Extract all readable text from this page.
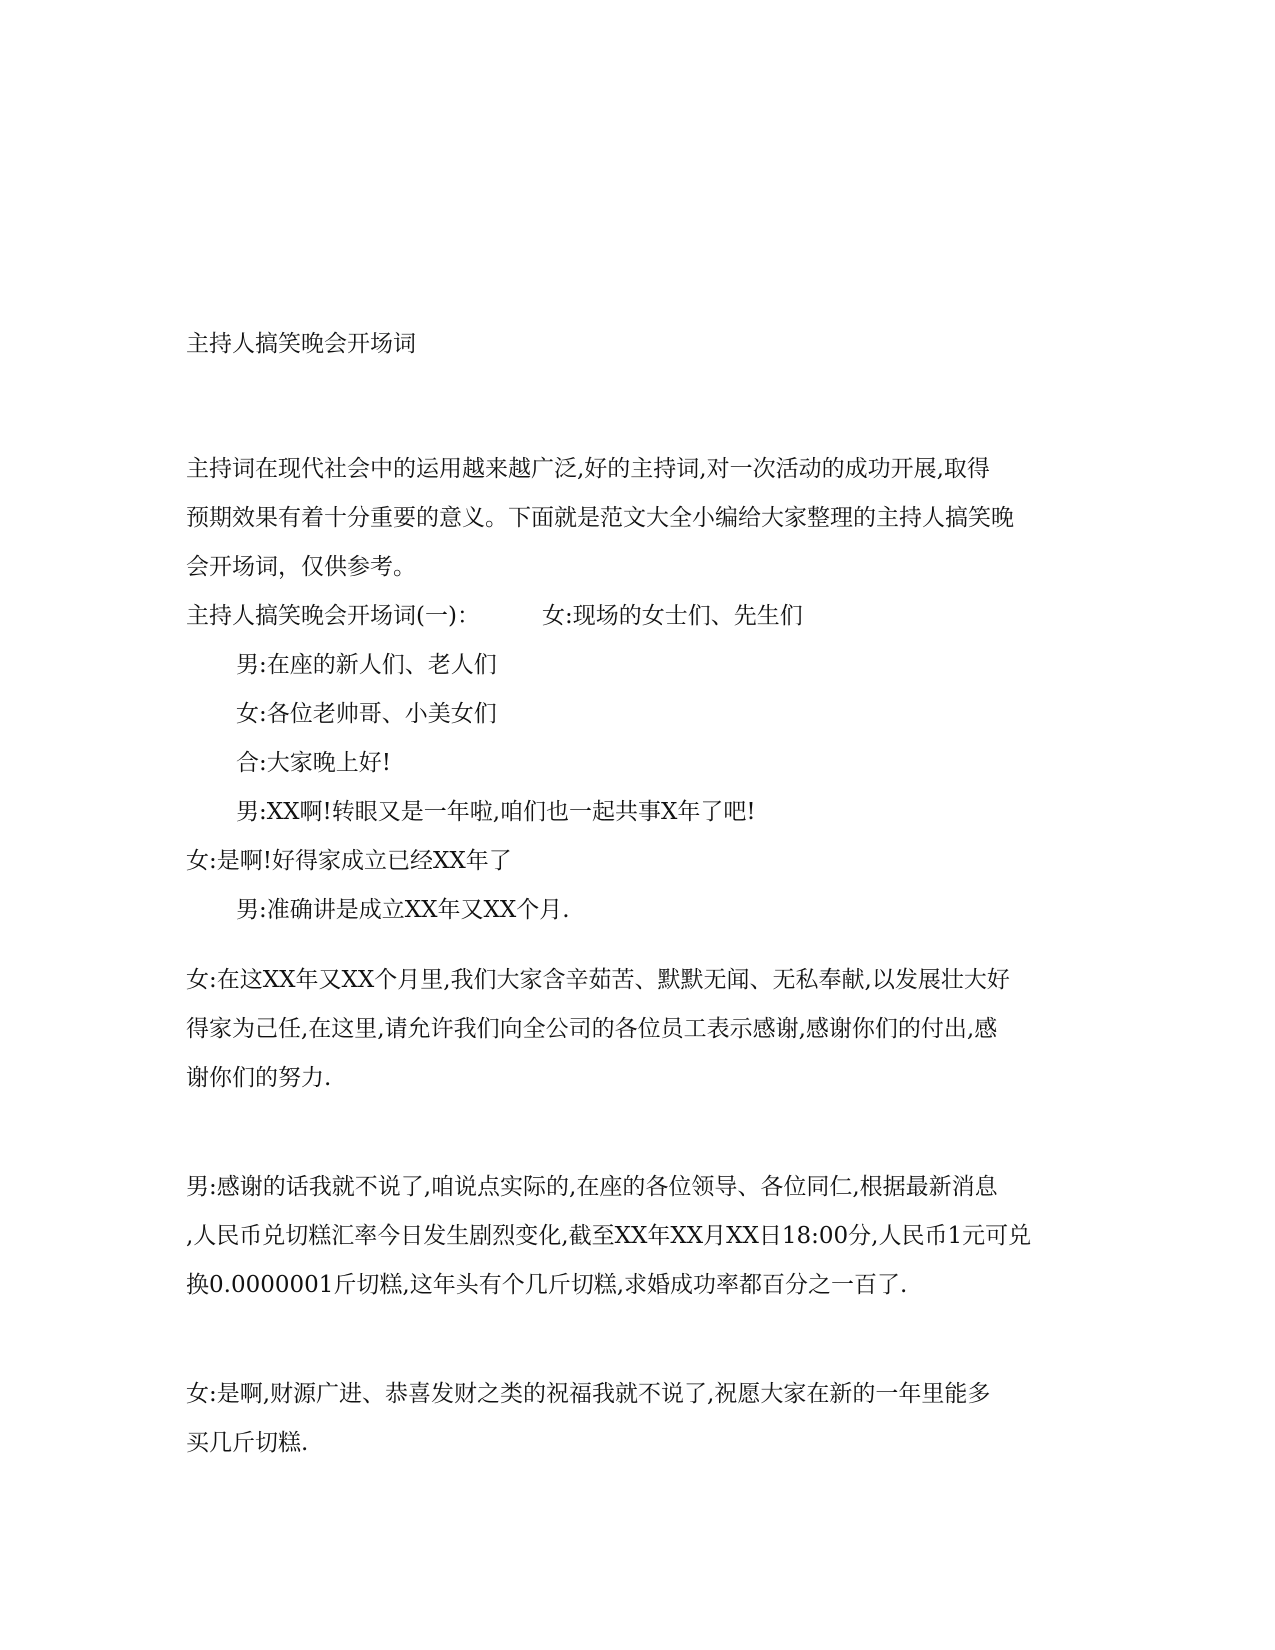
主持人搞笑晚会开场词
主持词在现代社会中的运用越来越广泛,好的主持词,对一次活动的成功开展,取得
预期效果有着十分重要的意义。下面就是范文大全小编给大家整理的主持人搞笑晚
会开场词，仅供参考。
主持人搞笑晚会开场词(一)：	女:现场的女士们、先生们
男:在座的新人们、老人们
女:各位老帅哥、小美女们
合:大家晚上好!
男:XX啊!转眼又是一年啦,咱们也一起共事X年了吧!
女:是啊!好得家成立已经XX年了
男:准确讲是成立XX年又XX个月.
女:在这XX年又XX个月里,我们大家含辛茹苦、默默无闻、无私奉献,以发展壮大好
得家为己任,在这里,请允许我们向全公司的各位员工表示感谢,感谢你们的付出,感
谢你们的努力.
男:感谢的话我就不说了,咱说点实际的,在座的各位领导、各位同仁,根据最新消息
,人民币兑切糕汇率今日发生剧烈变化,截至XX年XX月XX日18:00分,人民币1元可兑
换0.0000001斤切糕,这年头有个几斤切糕,求婚成功率都百分之一百了.
女:是啊,财源广进、恭喜发财之类的祝福我就不说了,祝愿大家在新的一年里能多
买几斤切糕.
